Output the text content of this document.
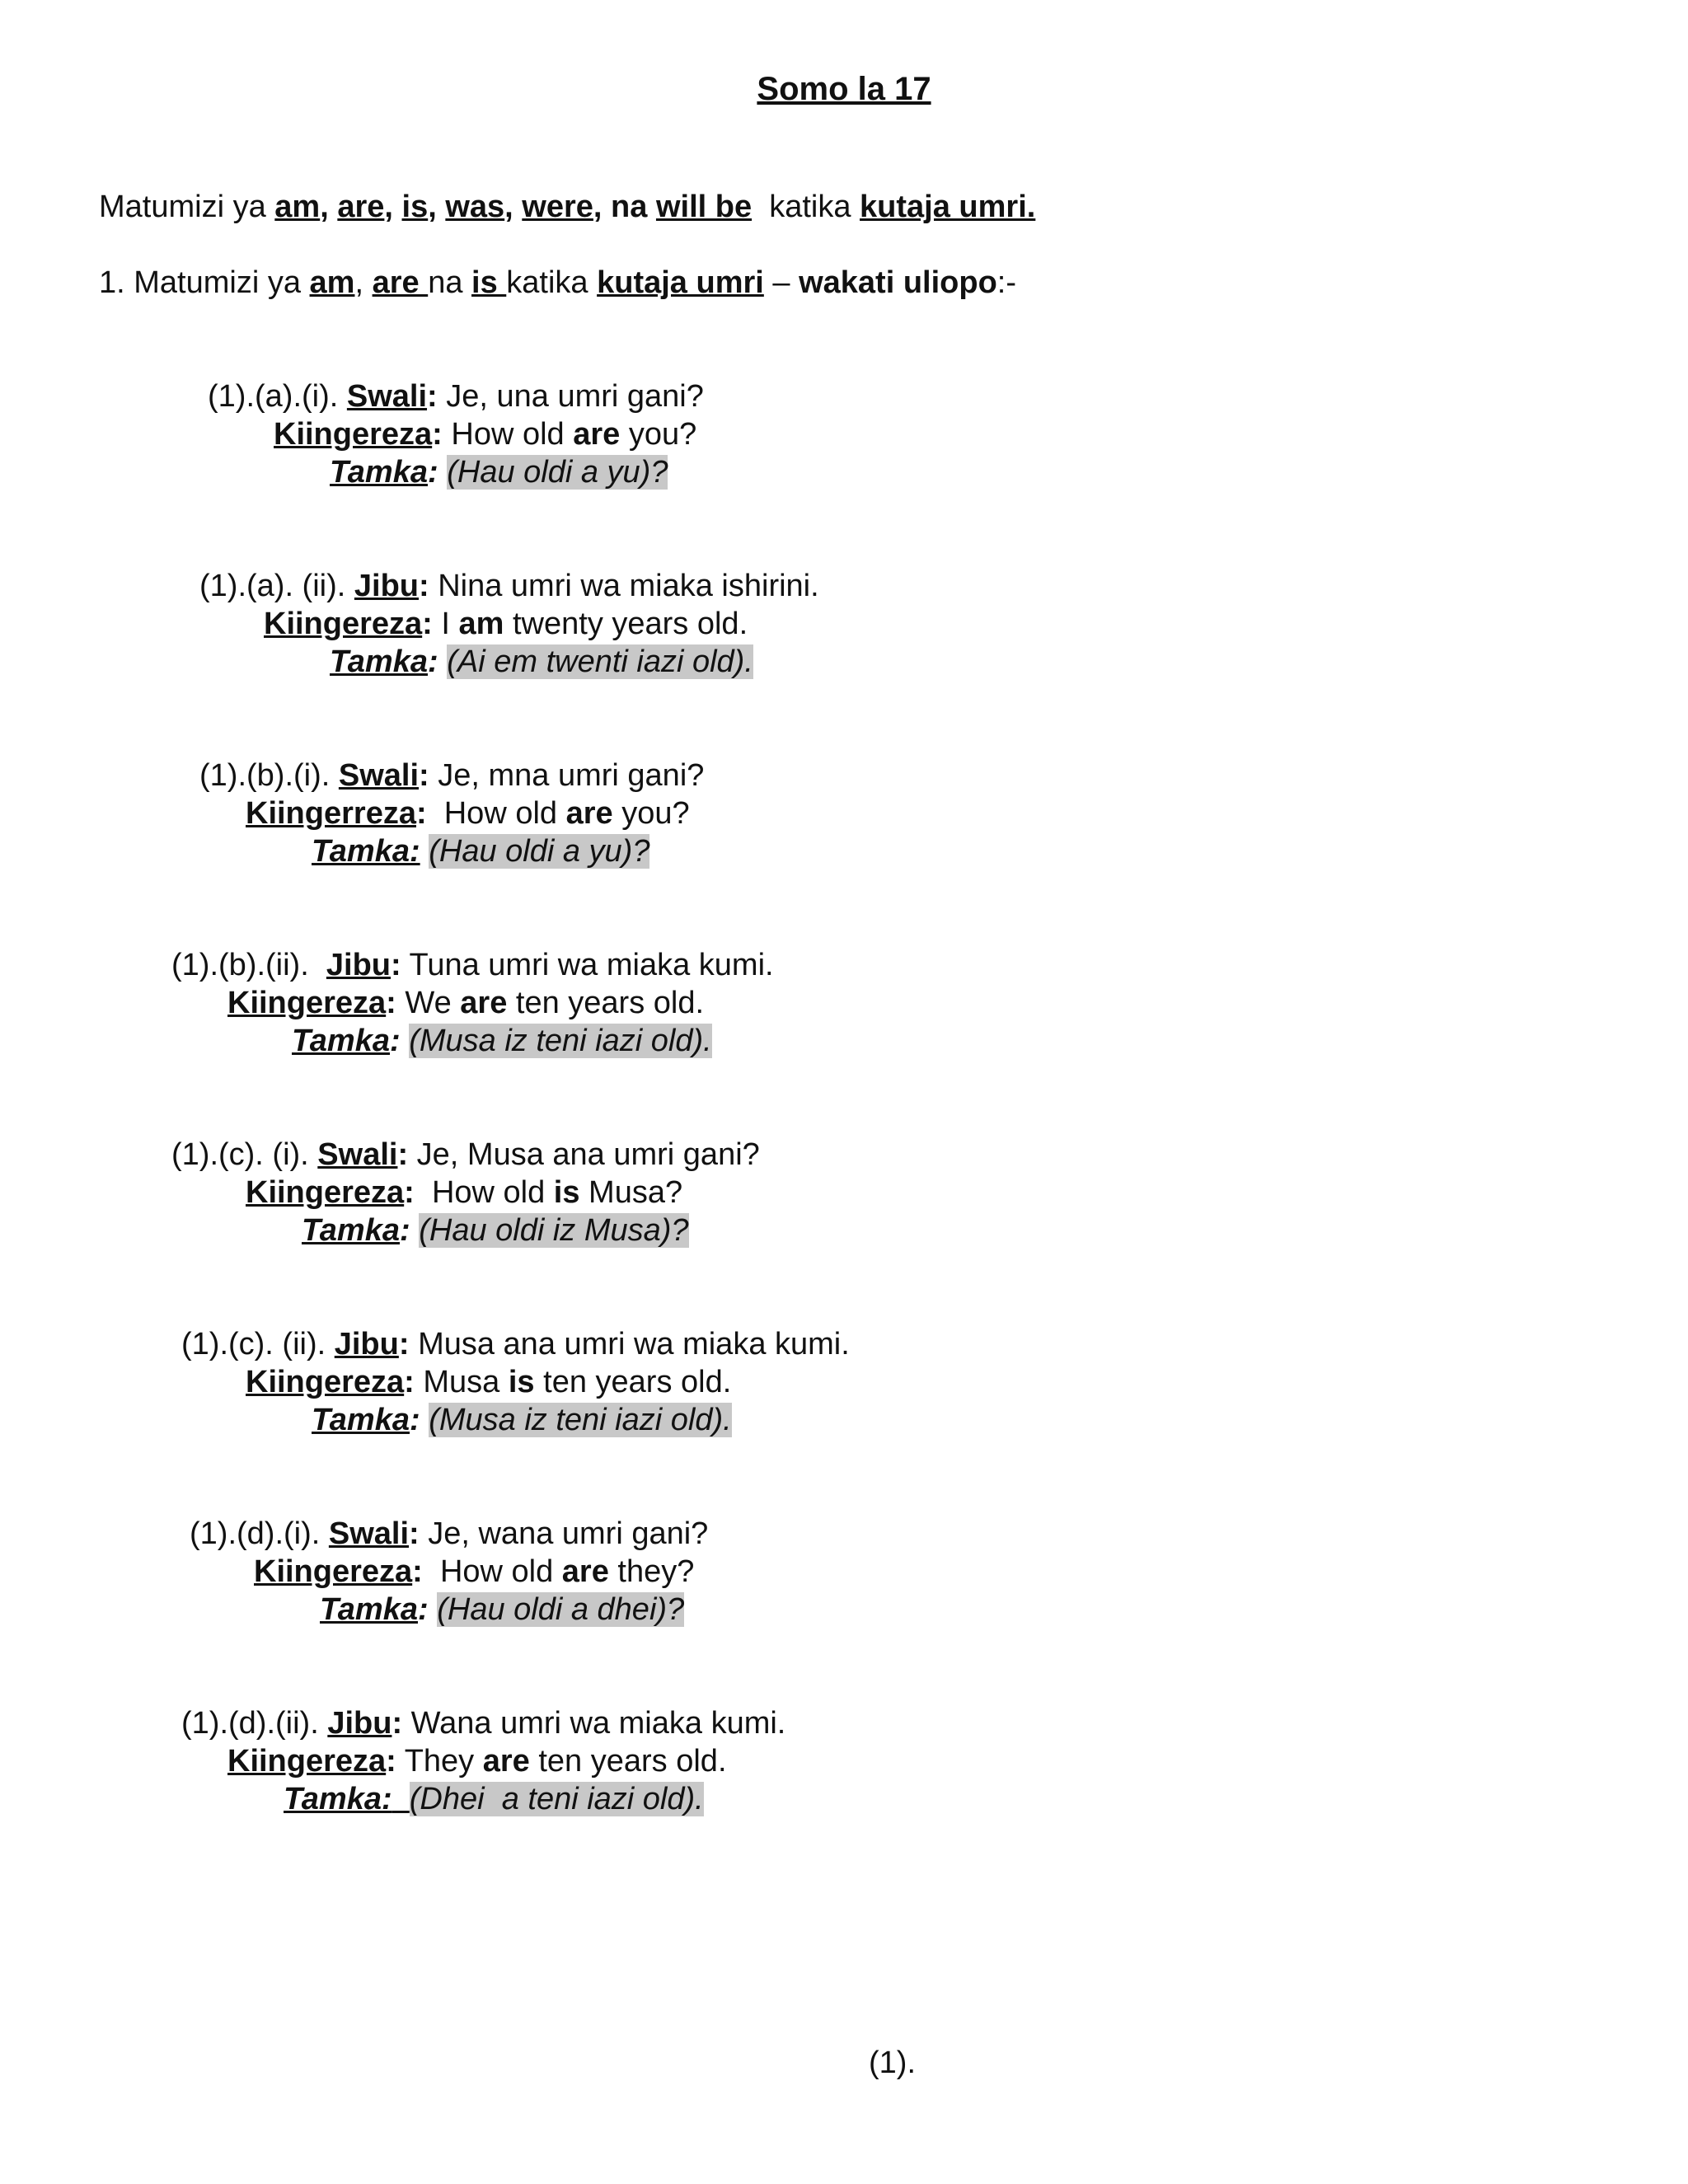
Somo la 17
Matumizi ya am, are, is, was, were, na will be  katika kutaja umri.
1. Matumizi ya am, are na is katika kutaja umri – wakati uliopo:-
(1).(a).(i). Swali: Je, una umri gani?
Kiingereza: How old are you?
Tamka: (Hau oldi a yu)?
(1).(a). (ii). Jibu: Nina umri wa miaka ishirini.
Kiingereza: I am twenty years old.
Tamka: (Ai em twenti iazi old).
(1).(b).(i). Swali: Je, mna umri gani?
Kiingerreza:  How old are you?
Tamka: (Hau oldi a yu)?
(1).(b).(ii).  Jibu: Tuna umri wa miaka kumi.
Kiingereza: We are ten years old.
Tamka: (Musa iz teni iazi old).
(1).(c). (i). Swali: Je, Musa ana umri gani?
Kiingereza:  How old is Musa?
Tamka: (Hau oldi iz Musa)?
(1).(c). (ii). Jibu: Musa ana umri wa miaka kumi.
Kiingereza: Musa is ten years old.
Tamka: (Musa iz teni iazi old).
(1).(d).(i). Swali: Je, wana umri gani?
Kiingereza:  How old are they?
Tamka: (Hau oldi a dhei)?
(1).(d).(ii). Jibu: Wana umri wa miaka kumi.
Kiingereza: They are ten years old.
Tamka: (Dhei  a teni iazi old).
(1).
